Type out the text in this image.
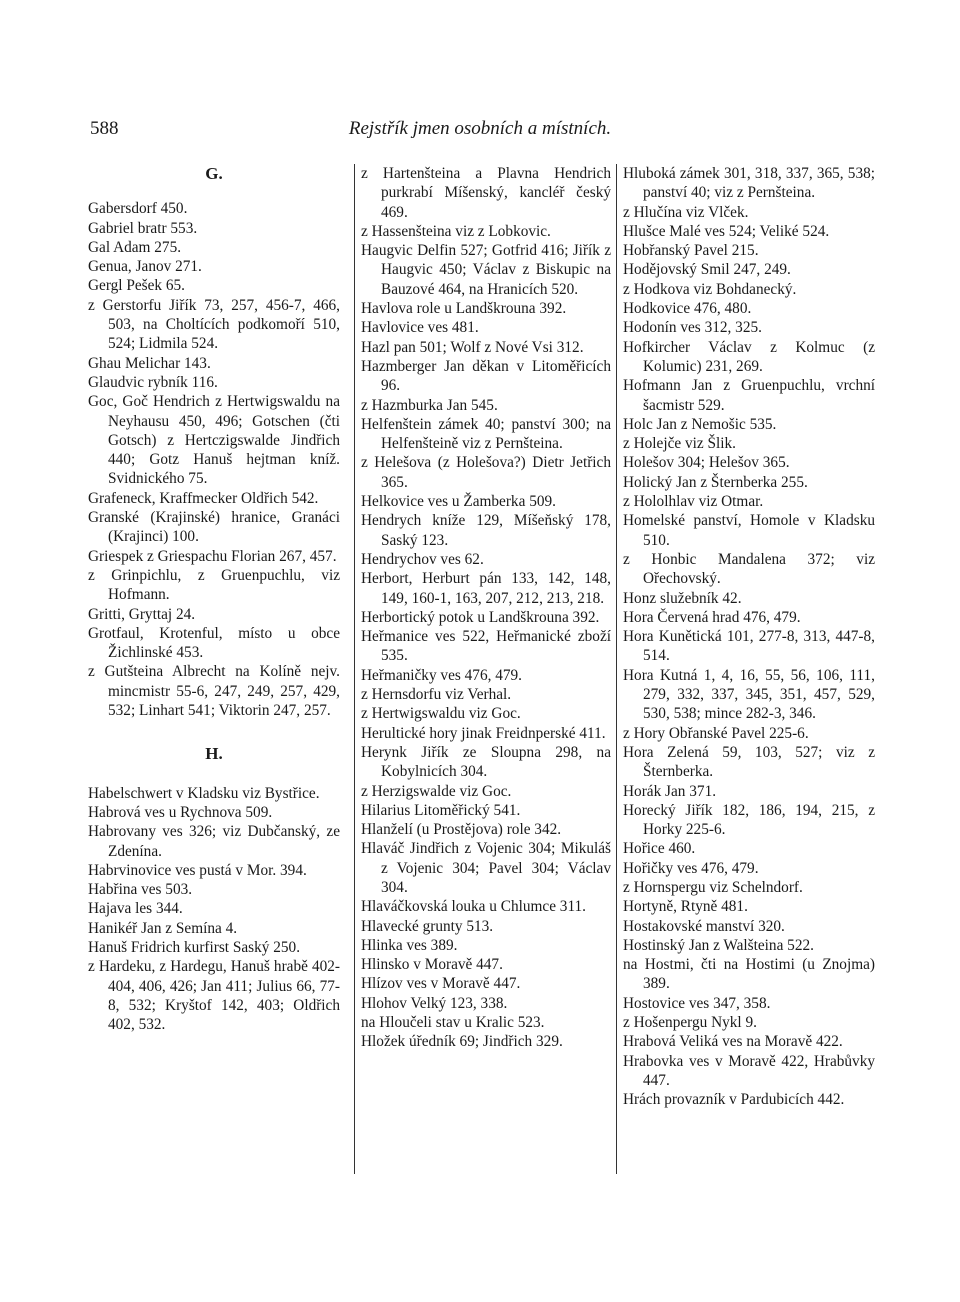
588	Rejstřík jmen osobních a místních.
G.

Gabersdorf 450.

Gabriel bratr 553.

Gal Adam 275.

Genua, Janov 271.

Gergl Pešek 65.

z Gerstorfu Jiřík 73, 257, 456-7, 466, 503, na Choltících podkomoří 510, 524; Lidmila 524.

Ghau Melichar 143.

Glaudvic rybník 116.

Goc, Goč Hendrich z Hertwigswaldu na Neyhausu 450, 496; Gotschen (čti Gotsch) z Hertczigswalde Jindřich 440; Gotz Hanuš hejtman kníž. Svidnického 75.

Grafeneck, Kraffmecker Oldřich 542.

Granské (Krajinské) hranice, Granáci (Krajinci) 100.

Griespek z Griespachu Florian 267, 457.

z Grinpichlu, z Gruenpuchlu, viz Hofmann.

Gritti, Gryttaj 24.

Grotfaul, Krotenful, místo u obce Žichlinské 453.

z Gutšteina Albrecht na Kolíně nejv. mincmistr 55-6, 247, 249, 257, 429, 532; Linhart 541; Viktorin 247, 257.

H.

Habelschwert v Kladsku viz Bystřice.

Habrová ves u Rychnova 509.

Habrovany ves 326; viz Dubčanský, ze Zdenína.

Habrvinovice ves pustá v Mor. 394.

Habřina ves 503.

Hajava les 344.

Hanikéř Jan z Semína 4.

Hanuš Fridrich kurfirst Saský 250.

z Hardeku, z Hardegu, Hanuš hrabě 402-404, 406, 426; Jan 411; Julius 66, 77-8, 532; Kryštof 142, 403; Oldřich 402, 532.

z Hartenšteina a Plavna Hendrich purkrabí Míšenský, kancléř český 469.

z Hassenšteina viz z Lobkovic.

Haugvic Delfin 527; Gotfrid 416; Jiřík z Haugvic 450; Václav z Biskupic na Bauzové 464, na Hranicích 520.

Havlova role u Landškrouna 392.

Havlovice ves 481.

Hazl pan 501; Wolf z Nové Vsi 312.

Hazmberger Jan děkan v Litoměřicích 96.

z Hazmburka Jan 545.

Helfenštein zámek 40; panství 300; na Helfenšteině viz z Pernšteina.

z Helešova (z Holešova?) Dietr Jetřich 365.

Helkovice ves u Žamberka 509.

Hendrych kníže 129, Míšeňský 178, Saský 123.

Hendrychov ves 62.

Herbort, Herburt pán 133, 142, 148, 149, 160-1, 163, 207, 212, 213, 218.

Herbortický potok u Landškrouna 392.

Heřmanice ves 522, Heřmanické zboží 535.

Heřmaničky ves 476, 479.

z Hernsdorfu viz Verhal.

z Hertwigswaldu viz Goc.

Herultické hory jinak Freidnperské 411.

Herynk Jiřík ze Sloupna 298, na Kobylnicích 304.

z Herzigswalde viz Goc.

Hilarius Litoměřický 541.

Hlanželí (u Prostějova) role 342.

Hlaváč Jindřich z Vojenic 304; Mikuláš z Vojenic 304; Pavel 304; Václav 304.

Hlaváčkovská louka u Chlumce 311.

Hlavecké grunty 513.

Hlinka ves 389.

Hlinsko v Moravě 447.

Hlízov ves v Moravě 447.

Hlohov Velký 123, 338.

na Hloučeli stav u Kralic 523.

Hložek úředník 69; Jindřich 329.

Hluboká zámek 301, 318, 337, 365, 538; panství 40; viz z Pernšteina.

z Hlučína viz Vlček.

Hlušce Malé ves 524; Veliké 524.

Hobřanský Pavel 215.

Hodějovský Smil 247, 249.

z Hodkova viz Bohdanecký.

Hodkovice 476, 480.

Hodonín ves 312, 325.

Hofkircher Václav z Kolmuc (z Kolumic) 231, 269.

Hofmann Jan z Gruenpuchlu, vrchní šacmistr 529.

Holc Jan z Nemošic 535.

z Holejče viz Šlik.

Holešov 304; Helešov 365.

Holický Jan z Šternberka 255.

z Hololhlav viz Otmar.

Homelské panství, Homole v Kladsku 510.

z Honbic Mandalena 372; viz Ořechovský.

Honz služebník 42.

Hora Červená hrad 476, 479.

Hora Kunětická 101, 277-8, 313, 447-8, 514.

Hora Kutná 1, 4, 16, 55, 56, 106, 111, 279, 332, 337, 345, 351, 457, 529, 530, 538; mince 282-3, 346.

z Hory Obřanské Pavel 225-6.

Hora Zelená 59, 103, 527; viz z Šternberka.

Horák Jan 371.

Horecký Jiřík 182, 186, 194, 215, z Horky 225-6.

Hořice 460.

Hořičky ves 476, 479.

z Hornspergu viz Schelndorf.

Hortyně, Rtyně 481.

Hostakovské manství 320.

Hostinský Jan z Walšteina 522.

na Hostmi, čti na Hostimi (u Znojma) 389.

Hostovice ves 347, 358.

z Hošenpergu Nykl 9.

Hrabová Veliká ves na Moravě 422.

Hrabovka ves v Moravě 422, Hrabůvky 447.

Hrách provazník v Pardubicích 442.
